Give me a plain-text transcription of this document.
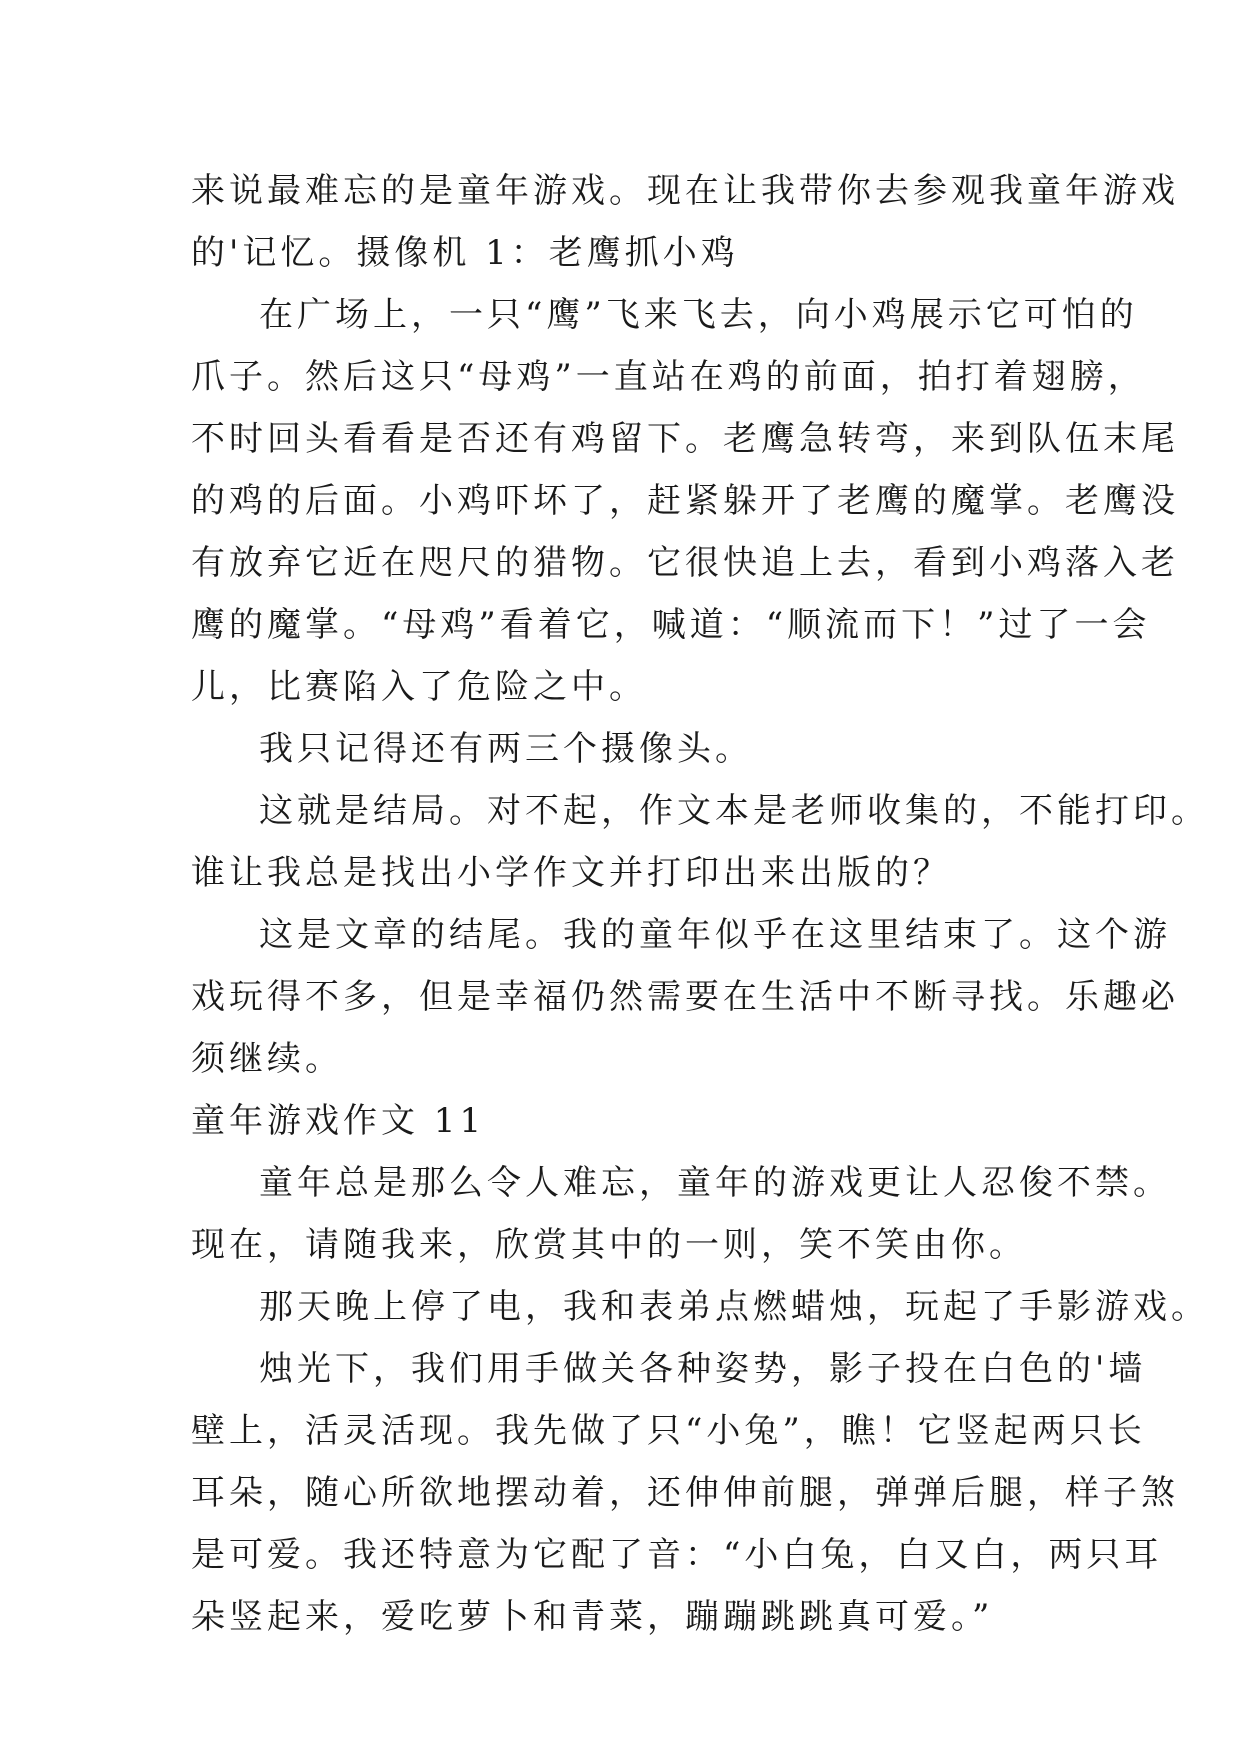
来说最难忘的是童年游戏。现在让我带你去参观我童年游戏
的'记忆。摄像机 1：老鹰抓小鸡
在广场上，一只“鹰”飞来飞去，向小鸡展示它可怕的
爪子。然后这只“母鸡”一直站在鸡的前面，拍打着翅膀，
不时回头看看是否还有鸡留下。老鹰急转弯，来到队伍末尾
的鸡的后面。小鸡吓坏了，赶紧躲开了老鹰的魔掌。老鹰没
有放弃它近在咫尺的猎物。它很快追上去，看到小鸡落入老
鹰的魔掌。“母鸡”看着它，喊道：“顺流而下！”过了一会
儿，比赛陷入了危险之中。
我只记得还有两三个摄像头。
这就是结局。对不起，作文本是老师收集的，不能打印。
谁让我总是找出小学作文并打印出来出版的？
这是文章的结尾。我的童年似乎在这里结束了。这个游
戏玩得不多，但是幸福仍然需要在生活中不断寻找。乐趣必
须继续。
童年游戏作文 11
童年总是那么令人难忘，童年的游戏更让人忍俊不禁。
现在，请随我来，欣赏其中的一则，笑不笑由你。
那天晚上停了电，我和表弟点燃蜡烛，玩起了手影游戏。
烛光下，我们用手做关各种姿势，影子投在白色的'墙
壁上，活灵活现。我先做了只“小兔”，瞧！它竖起两只长
耳朵，随心所欲地摆动着，还伸伸前腿，弹弹后腿，样子煞
是可爱。我还特意为它配了音：“小白兔，白又白，两只耳
朵竖起来，爱吃萝卜和青菜，蹦蹦跳跳真可爱。”
